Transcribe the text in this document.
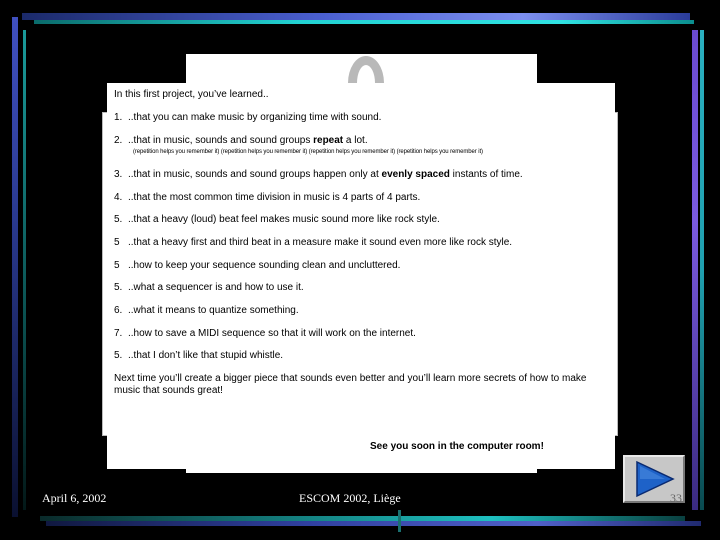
In this first project, you’ve learned..
1. ..that you can make music by organizing time with sound.
2. ..that in music, sounds and sound groups repeat a lot.
(repetition helps you remember it) (repetition helps you remember it) (repetition helps you remember it) (repetition helps you remember it)
3. ..that in music, sounds and sound groups happen only at evenly spaced instants of time.
4. ..that the most common time division in music is 4 parts of 4 parts.
5. ..that a heavy (loud) beat feel makes music sound more like rock style.
5 ..that a heavy first and third beat in a measure make it sound even more like rock style.
5 ..how to keep your sequence sounding clean and uncluttered.
5. ..what a sequencer is and how to use it.
6. ..what it means to quantize something.
7. ..how to save a MIDI sequence so that it will work on the internet.
5. ..that I don’t like that stupid whistle.
Next time you’ll create a bigger piece that sounds even better and you’ll learn more secrets of how to make music that sounds great!
See you soon in the computer room!
April 6, 2002	ESCOM 2002, Liège	33
